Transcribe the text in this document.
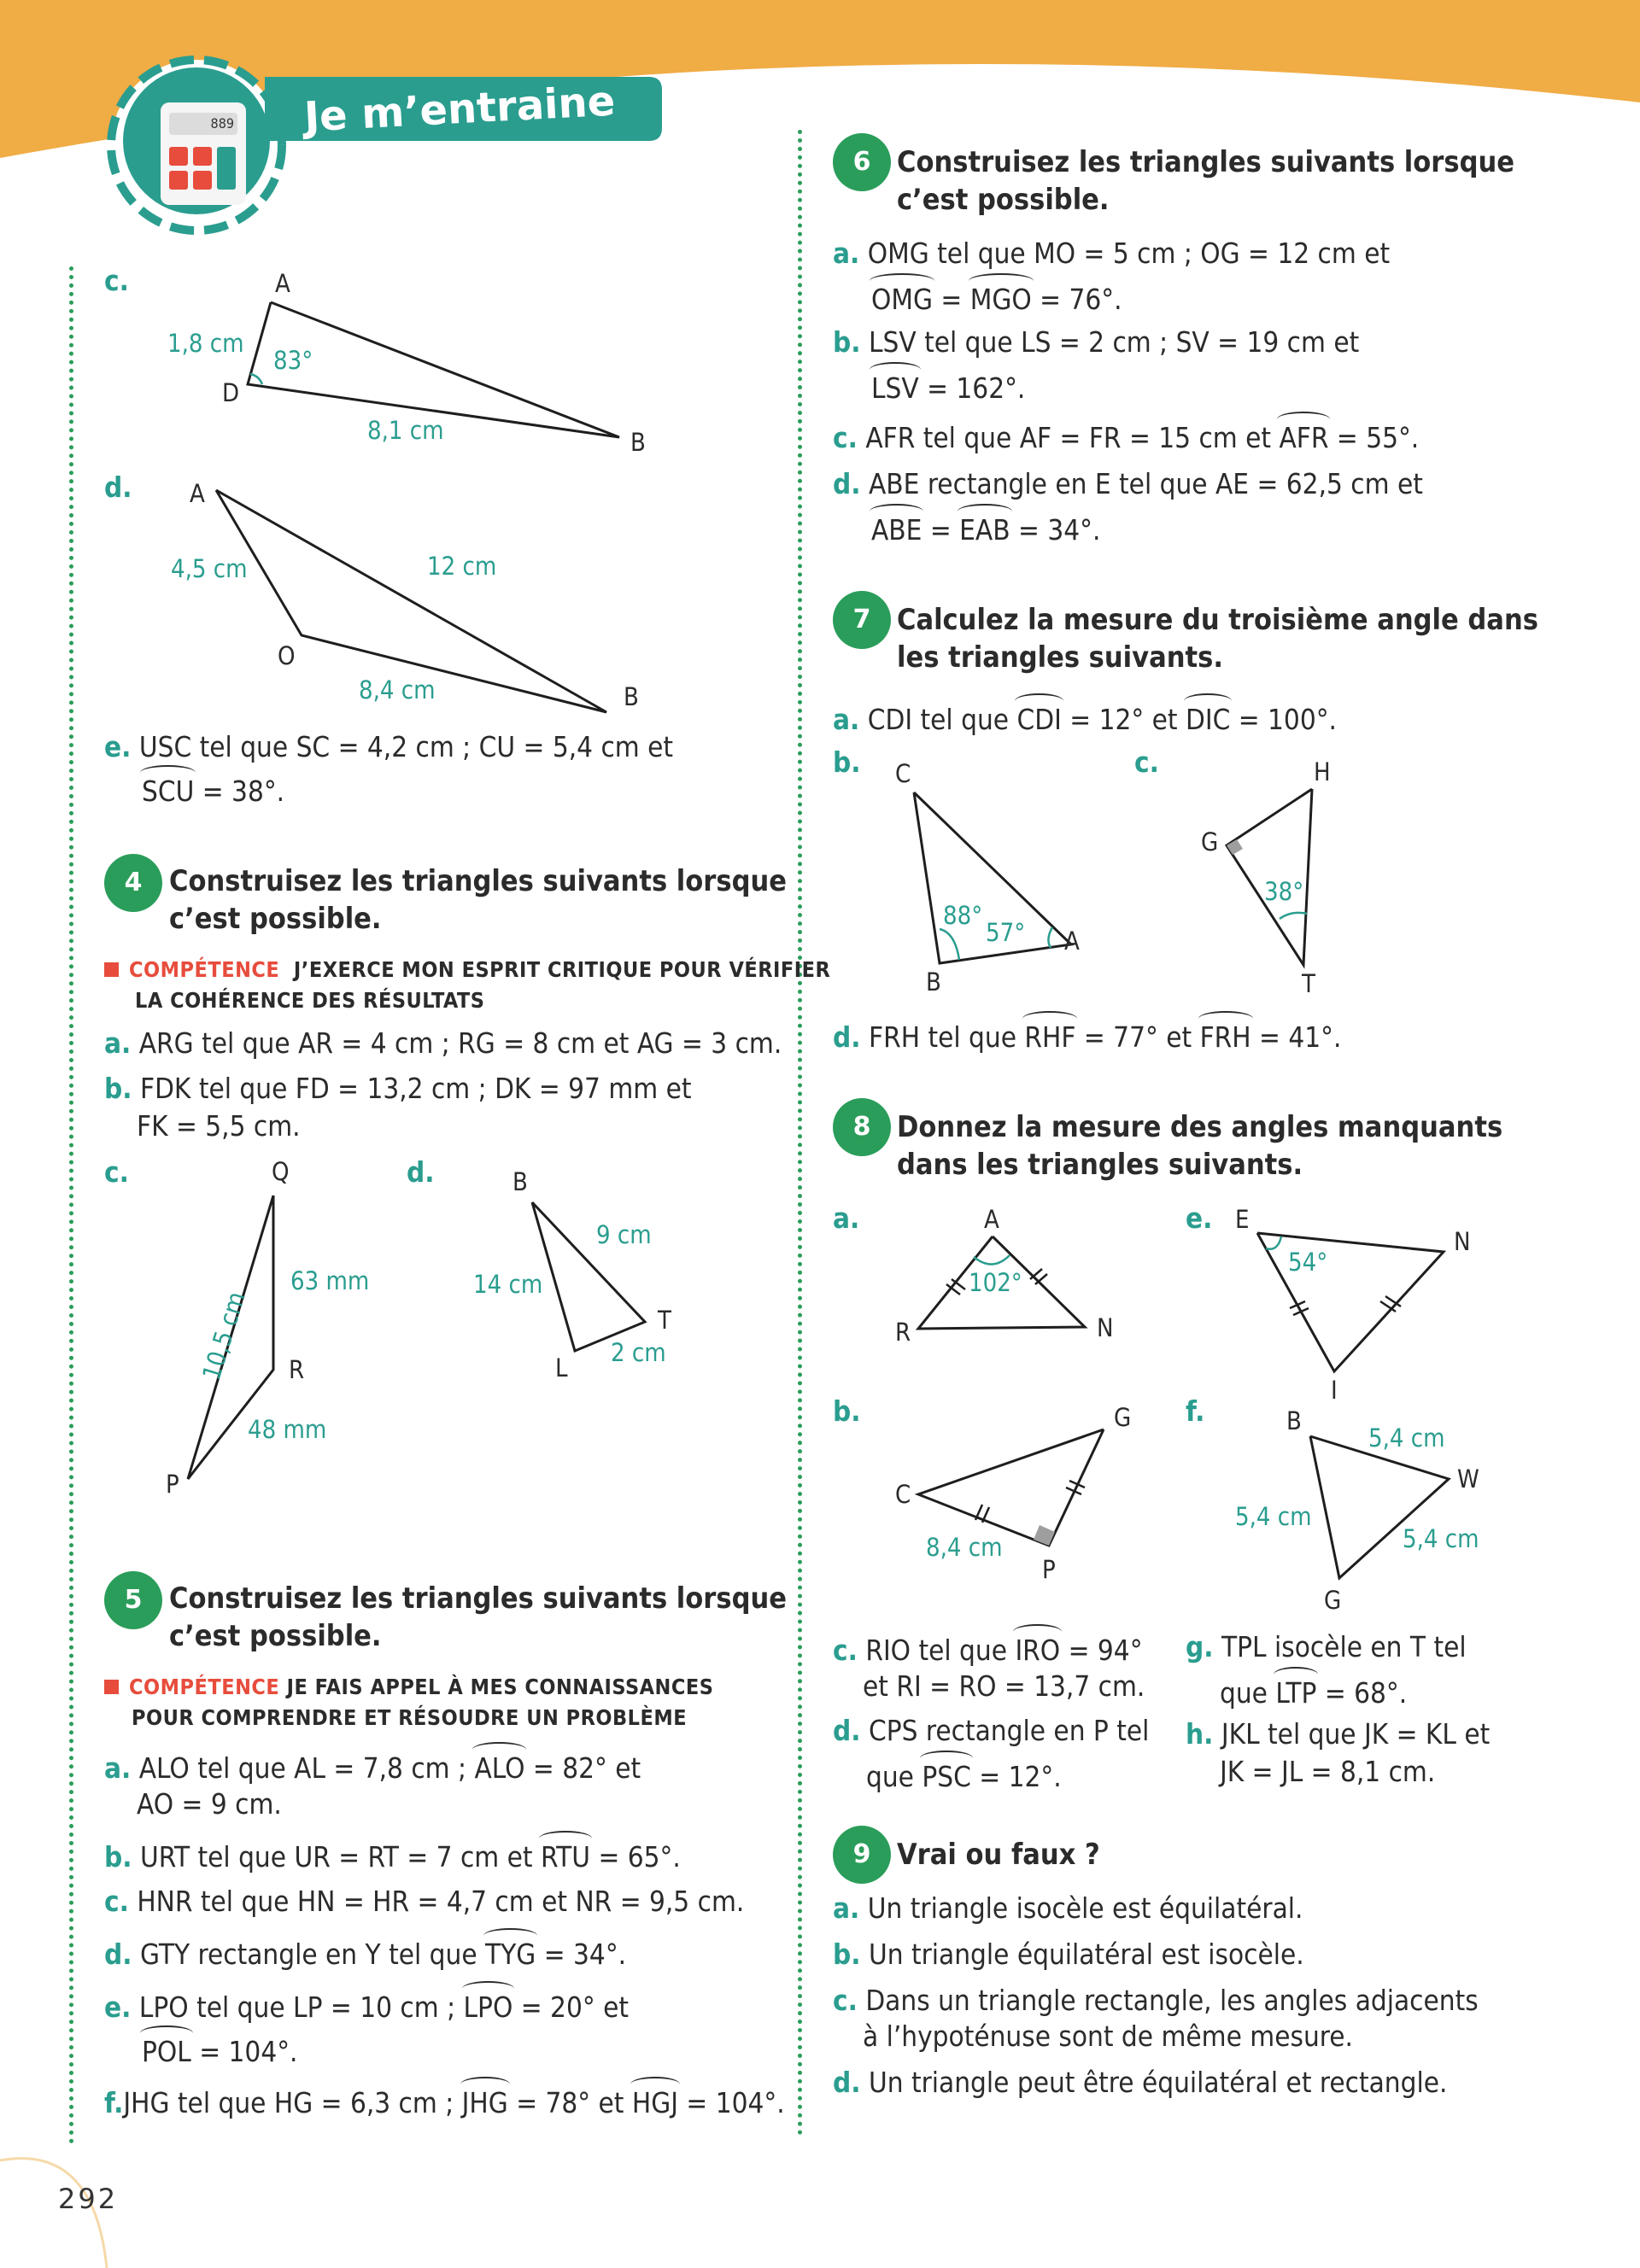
889 Je m’entraine
c.	A
D
B
1,8 cm
83°
8,1 cm
d. A
O
B
4,5 cm	12 cm
8,4 cm
e. USC tel que SC = 4,2 cm ; CU = 5,4 cm et
SCU = 38°.
4 Construisez les triangles suivants lorsque
c’est possible.
COMPÉTENCE J’EXERCE MON ESPRIT CRITIQUE POUR VÉRIFIER
LA COHÉRENCE DES RÉSULTATS
a. ARG tel que AR = 4 cm ; RG = 8 cm et AG = 3 cm.
b. FDK tel que FD = 13,2 cm ; DK = 97 mm et
FK = 5,5 cm.
c.	Q
R
P
63 mm
10,5 cm
48 mm
d.	B
T
L
9 cm
14 cm
2 cm
5 Construisez les triangles suivants lorsque
c’est possible.
COMPÉTENCE JE FAIS APPEL À MES CONNAISSANCES
POUR COMPRENDRE ET RÉSOUDRE UN PROBLÈME
a. ALO tel que AL = 7,8 cm ; ALO = 82° et
AO = 9 cm.
b. URT tel que UR = RT = 7 cm et RTU = 65°.
c. HNR tel que HN = HR = 4,7 cm et NR = 9,5 cm.
d. GTY rectangle en Y tel que TYG = 34°.
e. LPO tel que LP = 10 cm ; LPO = 20° et
POL = 104°.
f.JHG tel que HG = 6,3 cm ; JHG = 78° et HGJ = 104°.
6 Construisez les triangles suivants lorsque
c’est possible.
a. OMG tel que MO = 5 cm ; OG = 12 cm et
OMG = MGO = 76°.
b. LSV tel que LS = 2 cm ; SV = 19 cm et
LSV = 162°.
c. AFR tel que AF = FR = 15 cm et AFR = 55°.
d. ABE rectangle en E tel que AE = 62,5 cm et
ABE = EAB = 34°.
7 Calculez la mesure du troisième angle dans
les triangles suivants.
a. CDI tel que CDI = 12° et DIC = 100°.
b. C
A
B
88°
57°
c.	H
G
T
38°
d. FRH tel que RHF = 77° et FRH = 41°.
8 Donnez la mesure des angles manquants
dans les triangles suivants.
a.	A
R	N
102°
e. E
N
I
54°
b.	G
C
P
8,4 cm
f.	B
W
G
5,4 cm
5,4 cm
5,4 cm
c. RIO tel que IRO = 94°
et RI = RO = 13,7 cm.
d. CPS rectangle en P tel
que PSC = 12°.
g. TPL isocèle en T tel
que LTP = 68°.
h. JKL tel que JK = KL et
JK = JL = 8,1 cm.
9 Vrai ou faux ?
a. Un triangle isocèle est équilatéral.
b. Un triangle équilatéral est isocèle.
c. Dans un triangle rectangle, les angles adjacents
à l’hypoténuse sont de même mesure.
d. Un triangle peut être équilatéral et rectangle.
292
